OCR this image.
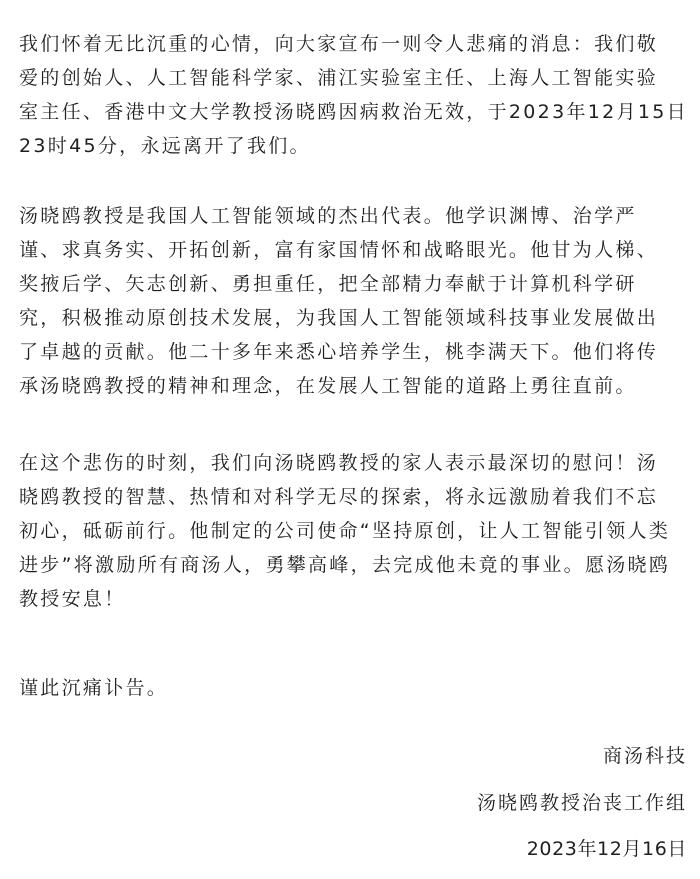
我们怀着无比沉重的心情，向大家宣布一则令人悲痛的消息：我们敬
爱的创始人、人工智能科学家、浦江实验室主任、上海人工智能实验
室主任、香港中文大学教授汤晓鸥因病救治无效，于2023年12月15日
23时45分，永远离开了我们。
汤晓鸥教授是我国人工智能领域的杰出代表。他学识渊博、治学严
谨、求真务实、开拓创新，富有家国情怀和战略眼光。他甘为人梯、
奖掖后学、矢志创新、勇担重任，把全部精力奉献于计算机科学研
究，积极推动原创技术发展，为我国人工智能领域科技事业发展做出
了卓越的贡献。他二十多年来悉心培养学生，桃李满天下。他们将传
承汤晓鸥教授的精神和理念，在发展人工智能的道路上勇往直前。
在这个悲伤的时刻，我们向汤晓鸥教授的家人表示最深切的慰问！汤
晓鸥教授的智慧、热情和对科学无尽的探索，将永远激励着我们不忘
初心，砥砺前行。他制定的公司使命“坚持原创，让人工智能引领人类
进步”将激励所有商汤人，勇攀高峰，去完成他未竟的事业。愿汤晓鸥
教授安息！
谨此沉痛讣告。
商汤科技
汤晓鸥教授治丧工作组
2023年12月16日
